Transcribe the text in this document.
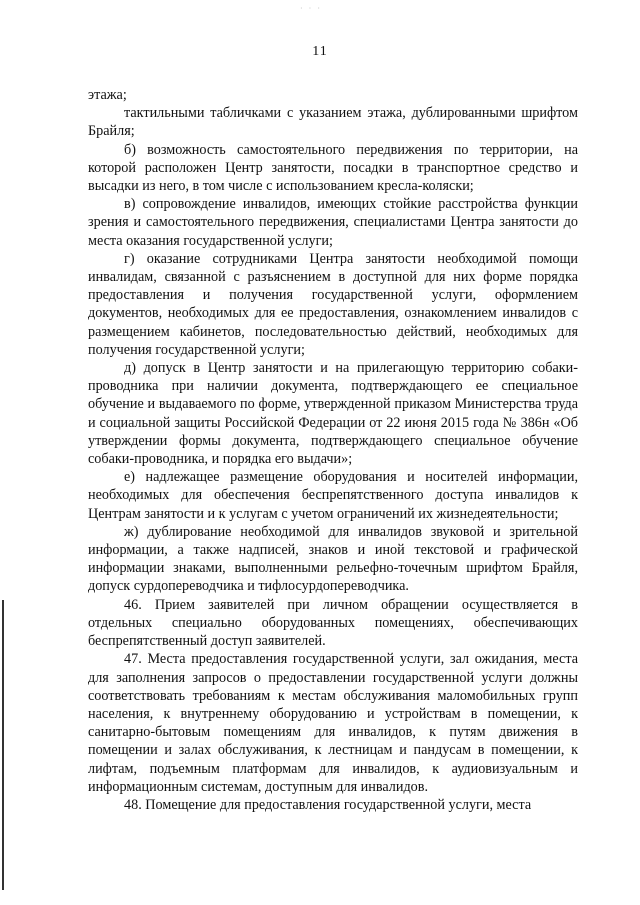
· · ·
11

этажа;

тактильными табличками с указанием этажа, дублированными шрифтом Брайля;

б) возможность самостоятельного передвижения по территории, на которой расположен Центр занятости, посадки в транспортное средство и высадки из него, в том числе с использованием кресла-коляски;

в) сопровождение инвалидов, имеющих стойкие расстройства функции зрения и самостоятельного передвижения, специалистами Центра занятости до места оказания государственной услуги;

г) оказание сотрудниками Центра занятости необходимой помощи инвалидам, связанной с разъяснением в доступной для них форме порядка предоставления и получения государственной услуги, оформлением документов, необходимых для ее предоставления, ознакомлением инвалидов с размещением кабинетов, последовательностью действий, необходимых для получения государственной услуги;

д) допуск в Центр занятости и на прилегающую территорию собаки-проводника при наличии документа, подтверждающего ее специальное обучение и выдаваемого по форме, утвержденной приказом Министерства труда и социальной защиты Российской Федерации от 22 июня 2015 года № 386н «Об утверждении формы документа, подтверждающего специальное обучение собаки-проводника, и порядка его выдачи»;

е) надлежащее размещение оборудования и носителей информации, необходимых для обеспечения беспрепятственного доступа инвалидов к Центрам занятости и к услугам с учетом ограничений их жизнедеятельности;

ж) дублирование необходимой для инвалидов звуковой и зрительной информации, а также надписей, знаков и иной текстовой и графической информации знаками, выполненными рельефно-точечным шрифтом Брайля, допуск сурдопереводчика и тифлосурдопереводчика.

46. Прием заявителей при личном обращении осуществляется в отдельных специально оборудованных помещениях, обеспечивающих беспрепятственный доступ заявителей.

47. Места предоставления государственной услуги, зал ожидания, места для заполнения запросов о предоставлении государственной услуги должны соответствовать требованиям к местам обслуживания маломобильных групп населения, к внутреннему оборудованию и устройствам в помещении, к санитарно-бытовым помещениям для инвалидов, к путям движения в помещении и залах обслуживания, к лестницам и пандусам в помещении, к лифтам, подъемным платформам для инвалидов, к аудиовизуальным и информационным системам, доступным для инвалидов.

48. Помещение для предоставления государственной услуги, места
